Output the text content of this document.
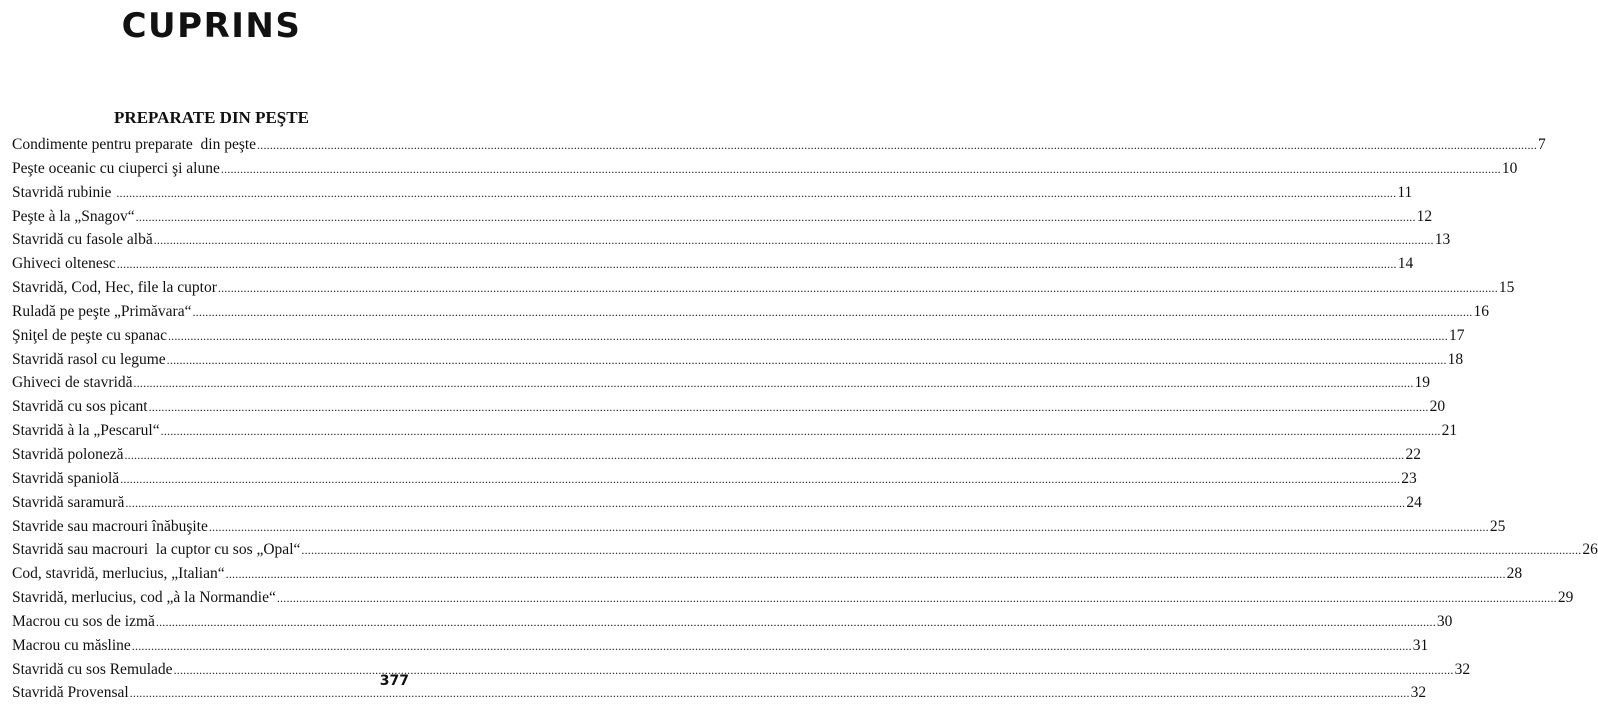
CUPRINS
PREPARATE DIN PEŞTE
Condimente pentru preparate  din peşte ................................................................................................................................................................................................................................................................................................................................................................................................................ 7
Peşte oceanic cu ciuperci şi alune ................................................................................................................................................................................................................................................................................................................................................................................................................ 10
Stavridă rubinie ................................................................................................................................................................................................................................................................................................................................................................................................................ 11
Peşte à la „Snagov“ ................................................................................................................................................................................................................................................................................................................................................................................................................ 12
Stavridă cu fasole albă ................................................................................................................................................................................................................................................................................................................................................................................................................ 13
Ghiveci oltenesc ................................................................................................................................................................................................................................................................................................................................................................................................................ 14
Stavridă, Cod, Hec, file la cuptor ................................................................................................................................................................................................................................................................................................................................................................................................................ 15
Ruladă pe peşte „Primăvara“ ................................................................................................................................................................................................................................................................................................................................................................................................................ 16
Şniţel de peşte cu spanac ................................................................................................................................................................................................................................................................................................................................................................................................................ 17
Stavridă rasol cu legume ................................................................................................................................................................................................................................................................................................................................................................................................................ 18
Ghiveci de stavridă ................................................................................................................................................................................................................................................................................................................................................................................................................ 19
Stavridă cu sos picant ................................................................................................................................................................................................................................................................................................................................................................................................................ 20
Stavridă à la „Pescarul“ ................................................................................................................................................................................................................................................................................................................................................................................................................ 21
Stavridă poloneză ................................................................................................................................................................................................................................................................................................................................................................................................................ 22
Stavridă spaniolă ................................................................................................................................................................................................................................................................................................................................................................................................................ 23
Stavridă saramură ................................................................................................................................................................................................................................................................................................................................................................................................................ 24
Stavride sau macrouri înăbuşite ................................................................................................................................................................................................................................................................................................................................................................................................................ 25
Stavridă sau macrouri  la cuptor cu sos „Opal“ ................................................................................................................................................................................................................................................................................................................................................................................................................ 26
Cod, stavridă, merlucius, „Italian“ ................................................................................................................................................................................................................................................................................................................................................................................................................ 28
Stavridă, merlucius, cod „à la Normandie“ ................................................................................................................................................................................................................................................................................................................................................................................................................ 29
Macrou cu sos de izmă ................................................................................................................................................................................................................................................................................................................................................................................................................ 30
Macrou cu măsline ................................................................................................................................................................................................................................................................................................................................................................................................................ 31
Stavridă cu sos Remulade ................................................................................................................................................................................................................................................................................................................................................................................................................ 32
Stavridă Provensal ................................................................................................................................................................................................................................................................................................................................................................................................................ 32
377
